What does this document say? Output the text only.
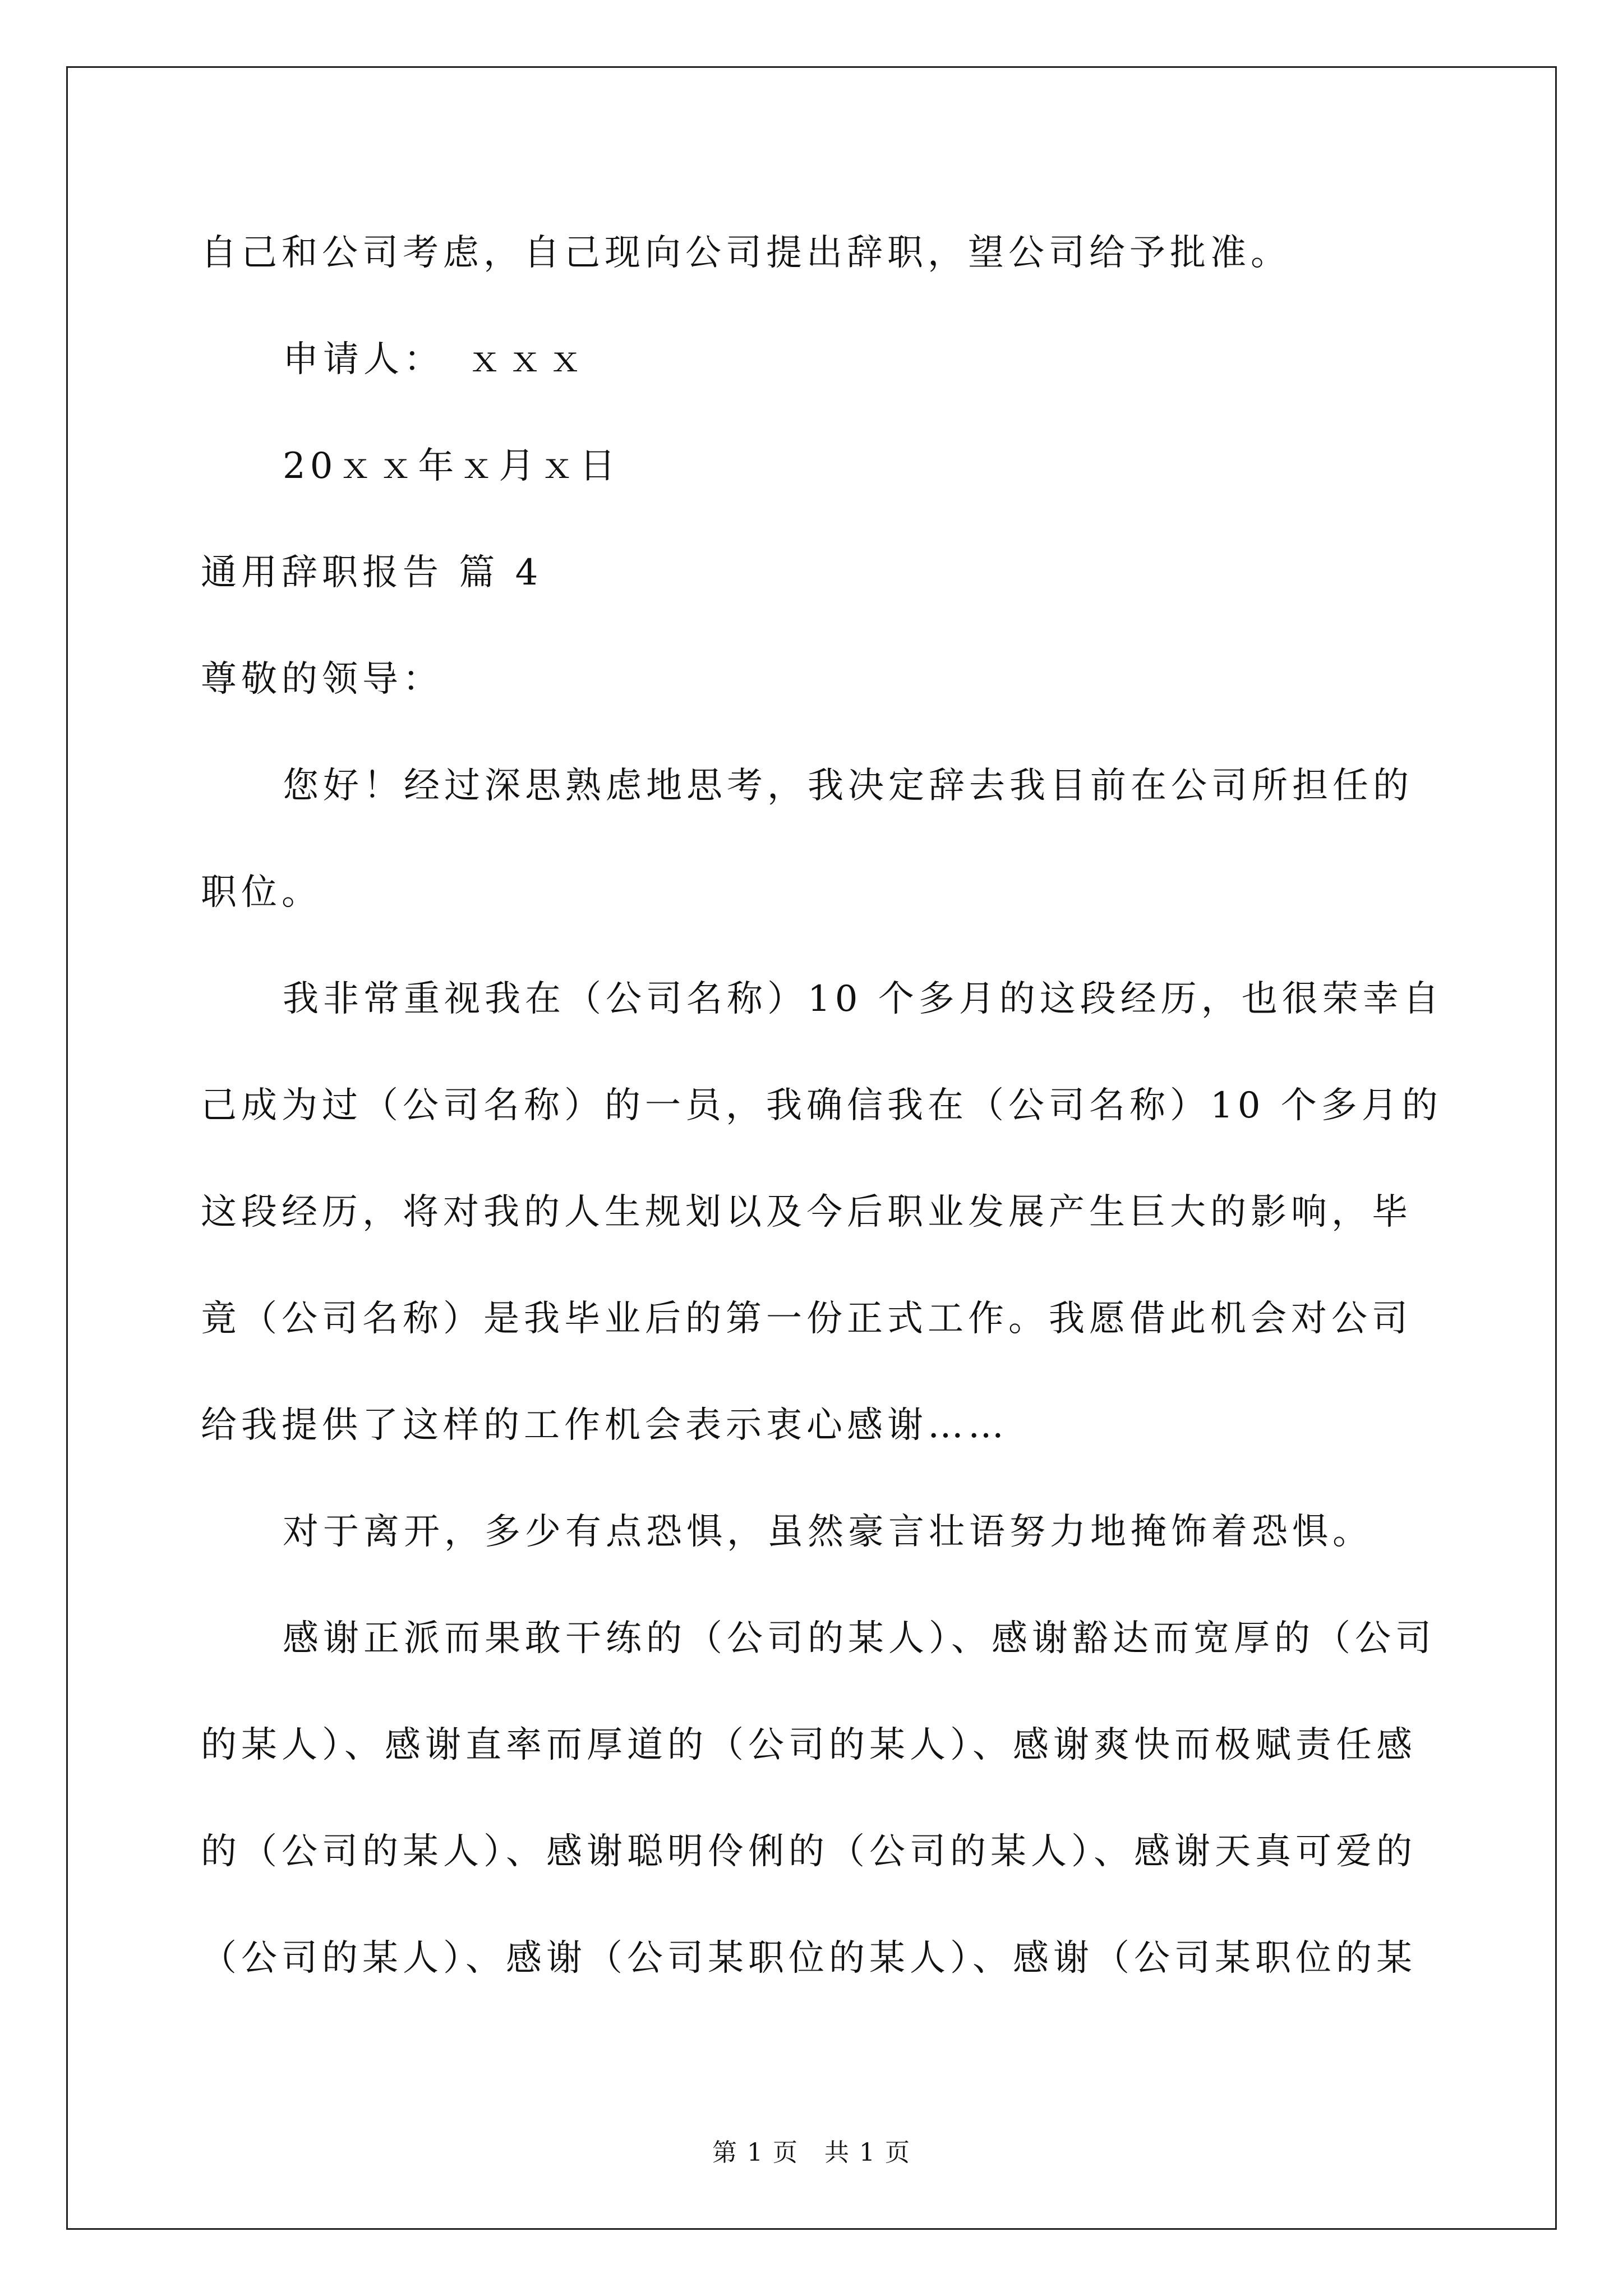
自己和公司考虑，自己现向公司提出辞职，望公司给予批准。
申请人：　ｘｘｘ
20ｘｘ年ｘ月ｘ日
通用辞职报告 篇 4
尊敬的领导：
您好！经过深思熟虑地思考，我决定辞去我目前在公司所担任的
职位。
我非常重视我在（公司名称）10 个多月的这段经历，也很荣幸自
己成为过（公司名称）的一员，我确信我在（公司名称）10 个多月的
这段经历，将对我的人生规划以及今后职业发展产生巨大的影响，毕
竟（公司名称）是我毕业后的第一份正式工作。我愿借此机会对公司
给我提供了这样的工作机会表示衷心感谢……
对于离开，多少有点恐惧，虽然豪言壮语努力地掩饰着恐惧。
感谢正派而果敢干练的（公司的某人）、感谢豁达而宽厚的（公司
的某人）、感谢直率而厚道的（公司的某人）、感谢爽快而极赋责任感
的（公司的某人）、感谢聪明伶俐的（公司的某人）、感谢天真可爱的
（公司的某人）、感谢（公司某职位的某人）、感谢（公司某职位的某
第 1 页　共 1 页
